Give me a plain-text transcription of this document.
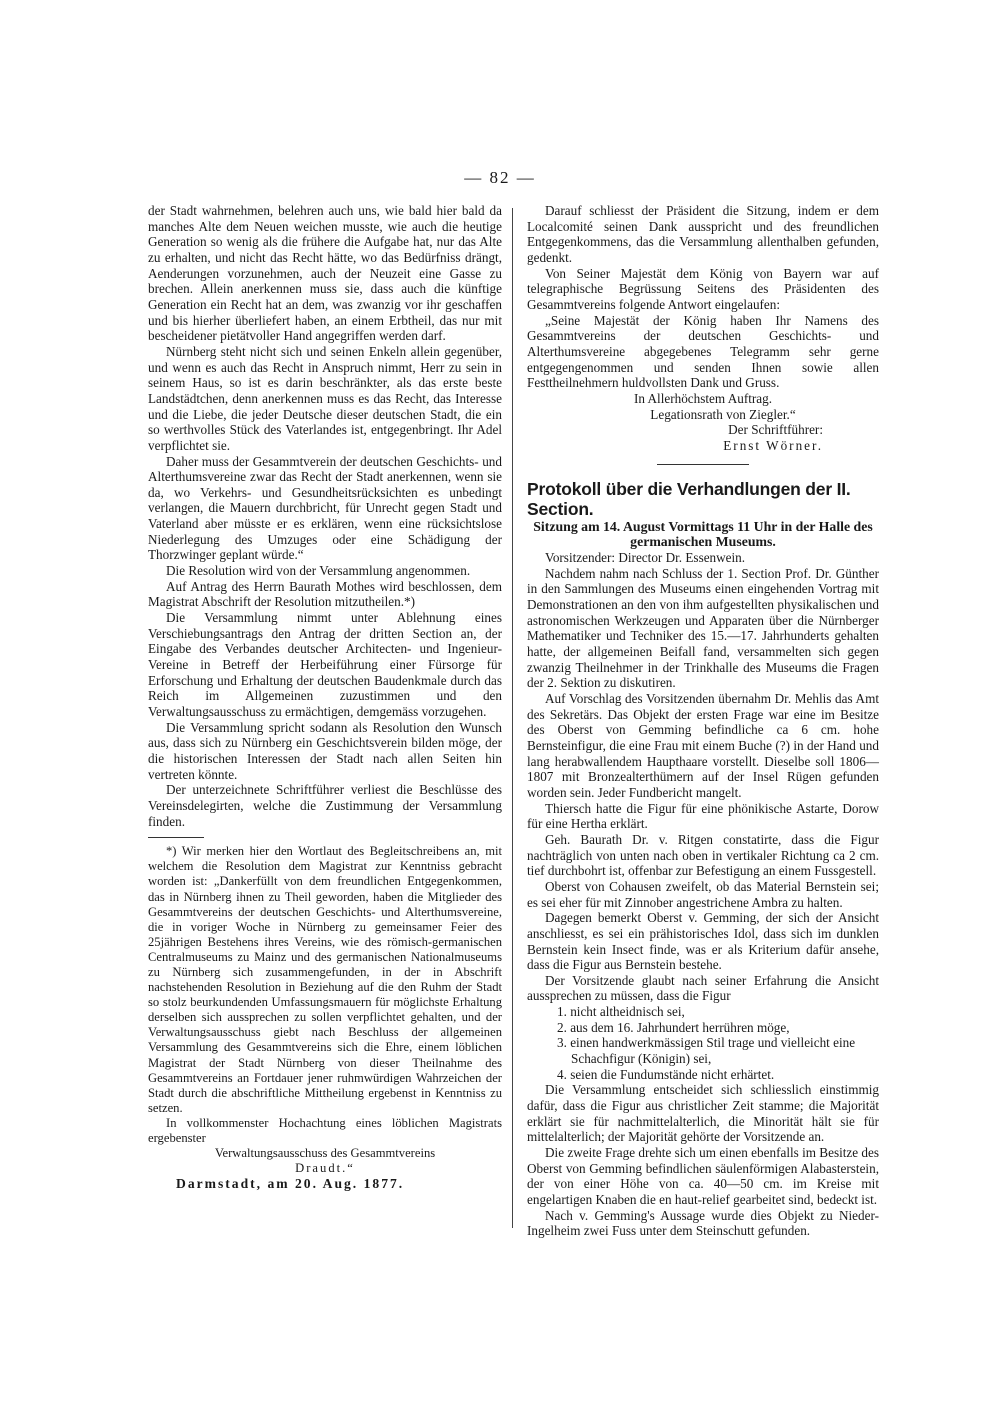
— 82 —

der Stadt wahrnehmen, belehren auch uns, wie bald hier bald da manches Alte dem Neuen weichen musste, wie auch die heutige Generation so wenig als die frühere die Aufgabe hat, nur das Alte zu erhalten, und nicht das Recht hätte, wo das Bedürfniss drängt, Aenderungen vorzunehmen, auch der Neuzeit eine Gasse zu brechen. Allein anerkennen muss sie, dass auch die künftige Generation ein Recht hat an dem, was zwanzig vor ihr geschaffen und bis hierher überliefert haben, an einem Erbtheil, das nur mit bescheidener pietätvoller Hand angegriffen werden darf.

Nürnberg steht nicht sich und seinen Enkeln allein gegenüber, und wenn es auch das Recht in Anspruch nimmt, Herr zu sein in seinem Haus, so ist es darin beschränkter, als das erste beste Landstädtchen, denn anerkennen muss es das Recht, das Interesse und die Liebe, die jeder Deutsche dieser deutschen Stadt, die ein so werthvolles Stück des Vaterlandes ist, entgegenbringt. Ihr Adel verpflichtet sie.

Daher muss der Gesammtverein der deutschen Geschichts- und Alterthumsvereine zwar das Recht der Stadt anerkennen, wenn sie da, wo Verkehrs- und Gesundheitsrücksichten es unbedingt verlangen, die Mauern durchbricht, für Unrecht gegen Stadt und Vaterland aber müsste er es erklären, wenn eine rücksichtslose Niederlegung des Umzuges oder eine Schädigung der Thorzwinger geplant würde.“

Die Resolution wird von der Versammlung angenommen.

Auf Antrag des Herrn Baurath Mothes wird beschlossen, dem Magistrat Abschrift der Resolution mitzutheilen.*)

Die Versammlung nimmt unter Ablehnung eines Verschiebungsantrags den Antrag der dritten Section an, der Eingabe des Verbandes deutscher Architecten- und Ingenieur-Vereine in Betreff der Herbeiführung einer Fürsorge für Erforschung und Erhaltung der deutschen Baudenkmale durch das Reich im Allgemeinen zuzustimmen und den Verwaltungsausschuss zu ermächtigen, demgemäss vorzugehen.

Die Versammlung spricht sodann als Resolution den Wunsch aus, dass sich zu Nürnberg ein Geschichtsverein bilden möge, der die historischen Interessen der Stadt nach allen Seiten hin vertreten könnte.

Der unterzeichnete Schriftführer verliest die Beschlüsse des Vereinsdelegirten, welche die Zustimmung der Versammlung finden.

*) Wir merken hier den Wortlaut des Begleitschreibens an, mit welchem die Resolution dem Magistrat zur Kenntniss gebracht worden ist: „Dankerfüllt von dem freundlichen Entgegenkommen, das in Nürnberg ihnen zu Theil geworden, haben die Mitglieder des Gesammtvereins der deutschen Geschichts- und Alterthumsvereine, die in voriger Woche in Nürnberg zu gemeinsamer Feier des 25jährigen Bestehens ihres Vereins, wie des römisch-germanischen Centralmuseums zu Mainz und des germanischen Nationalmuseums zu Nürnberg sich zusammengefunden, in der in Abschrift nachstehenden Resolution in Beziehung auf die den Ruhm der Stadt so stolz beurkundenden Umfassungsmauern für möglichste Erhaltung derselben sich aussprechen zu sollen verpflichtet gehalten, und der Verwaltungsausschuss giebt nach Beschluss der allgemeinen Versammlung des Gesammtvereins sich die Ehre, einem löblichen Magistrat der Stadt Nürnberg von dieser Theilnahme des Gesammtvereins an Fortdauer jener ruhmwürdigen Wahrzeichen der Stadt durch die abschriftliche Mittheilung ergebenst in Kenntniss zu setzen.

In vollkommenster Hochachtung eines löblichen Magistrats ergebenster

Verwaltungsausschuss des Gesammtvereins

Draudt.“

Darmstadt, am 20. Aug. 1877.

Darauf schliesst der Präsident die Sitzung, indem er dem Localcomité seinen Dank ausspricht und des freundlichen Entgegenkommens, das die Versammlung allenthalben gefunden, gedenkt.

Von Seiner Majestät dem König von Bayern war auf telegraphische Begrüssung Seitens des Präsidenten des Gesammtvereins folgende Antwort eingelaufen:

„Seine Majestät der König haben Ihr Namens des Gesammtvereins der deutschen Geschichts- und Alterthumsvereine abgegebenes Telegramm sehr gerne entgegengenommen und senden Ihnen sowie allen Festtheilnehmern huldvollsten Dank und Gruss.

In Allerhöchstem Auftrag.

Legationsrath von Ziegler.“

Der Schriftführer:

Ernst Wörner.

Protokoll über die Verhandlungen der II. Section.

Sitzung am 14. August Vormittags 11 Uhr in der Halle des germanischen Museums.

Vorsitzender: Director Dr. Essenwein.

Nachdem nahm nach Schluss der 1. Section Prof. Dr. Günther in den Sammlungen des Museums einen eingehenden Vortrag mit Demonstrationen an den von ihm aufgestellten physikalischen und astronomischen Werkzeugen und Apparaten über die Nürnberger Mathematiker und Techniker des 15.—17. Jahrhunderts gehalten hatte, der allgemeinen Beifall fand, versammelten sich gegen zwanzig Theilnehmer in der Trinkhalle des Museums die Fragen der 2. Sektion zu diskutiren.

Auf Vorschlag des Vorsitzenden übernahm Dr. Mehlis das Amt des Sekretärs. Das Objekt der ersten Frage war eine im Besitze des Oberst von Gemming befindliche ca 6 cm. hohe Bernsteinfigur, die eine Frau mit einem Buche (?) in der Hand und lang herabwallendem Haupthaare vorstellt. Dieselbe soll 1806—1807 mit Bronzealterthümern auf der Insel Rügen gefunden worden sein. Jeder Fundbericht mangelt.

Thiersch hatte die Figur für eine phönikische Astarte, Dorow für eine Hertha erklärt.

Geh. Baurath Dr. v. Ritgen constatirte, dass die Figur nachträglich von unten nach oben in vertikaler Richtung ca 2 cm. tief durchbohrt ist, offenbar zur Befestigung an einem Fussgestell.

Oberst von Cohausen zweifelt, ob das Material Bernstein sei; es sei eher für mit Zinnober angestrichene Ambra zu halten.

Dagegen bemerkt Oberst v. Gemming, der sich der Ansicht anschliesst, es sei ein prähistorisches Idol, dass sich im dunklen Bernstein kein Insect finde, was er als Kriterium dafür ansehe, dass die Figur aus Bernstein bestehe.

Der Vorsitzende glaubt nach seiner Erfahrung die Ansicht aussprechen zu müssen, dass die Figur

1. nicht altheidnisch sei,

2. aus dem 16. Jahrhundert herrühren möge,

3. einen handwerkmässigen Stil trage und vielleicht eine Schachfigur (Königin) sei,

4. seien die Fundumstände nicht erhärtet.

Die Versammlung entscheidet sich schliesslich einstimmig dafür, dass die Figur aus christlicher Zeit stamme; die Majorität erklärt sie für nachmittelalterlich, die Minorität hält sie für mittelalterlich; der Majorität gehörte der Vorsitzende an.

Die zweite Frage drehte sich um einen ebenfalls im Besitze des Oberst von Gemming befindlichen säulenförmigen Alabasterstein, der von einer Höhe von ca. 40—50 cm. im Kreise mit engelartigen Knaben die en haut-relief gearbeitet sind, bedeckt ist.

Nach v. Gemming's Aussage wurde dies Objekt zu Nieder-Ingelheim zwei Fuss unter dem Steinschutt gefunden.
